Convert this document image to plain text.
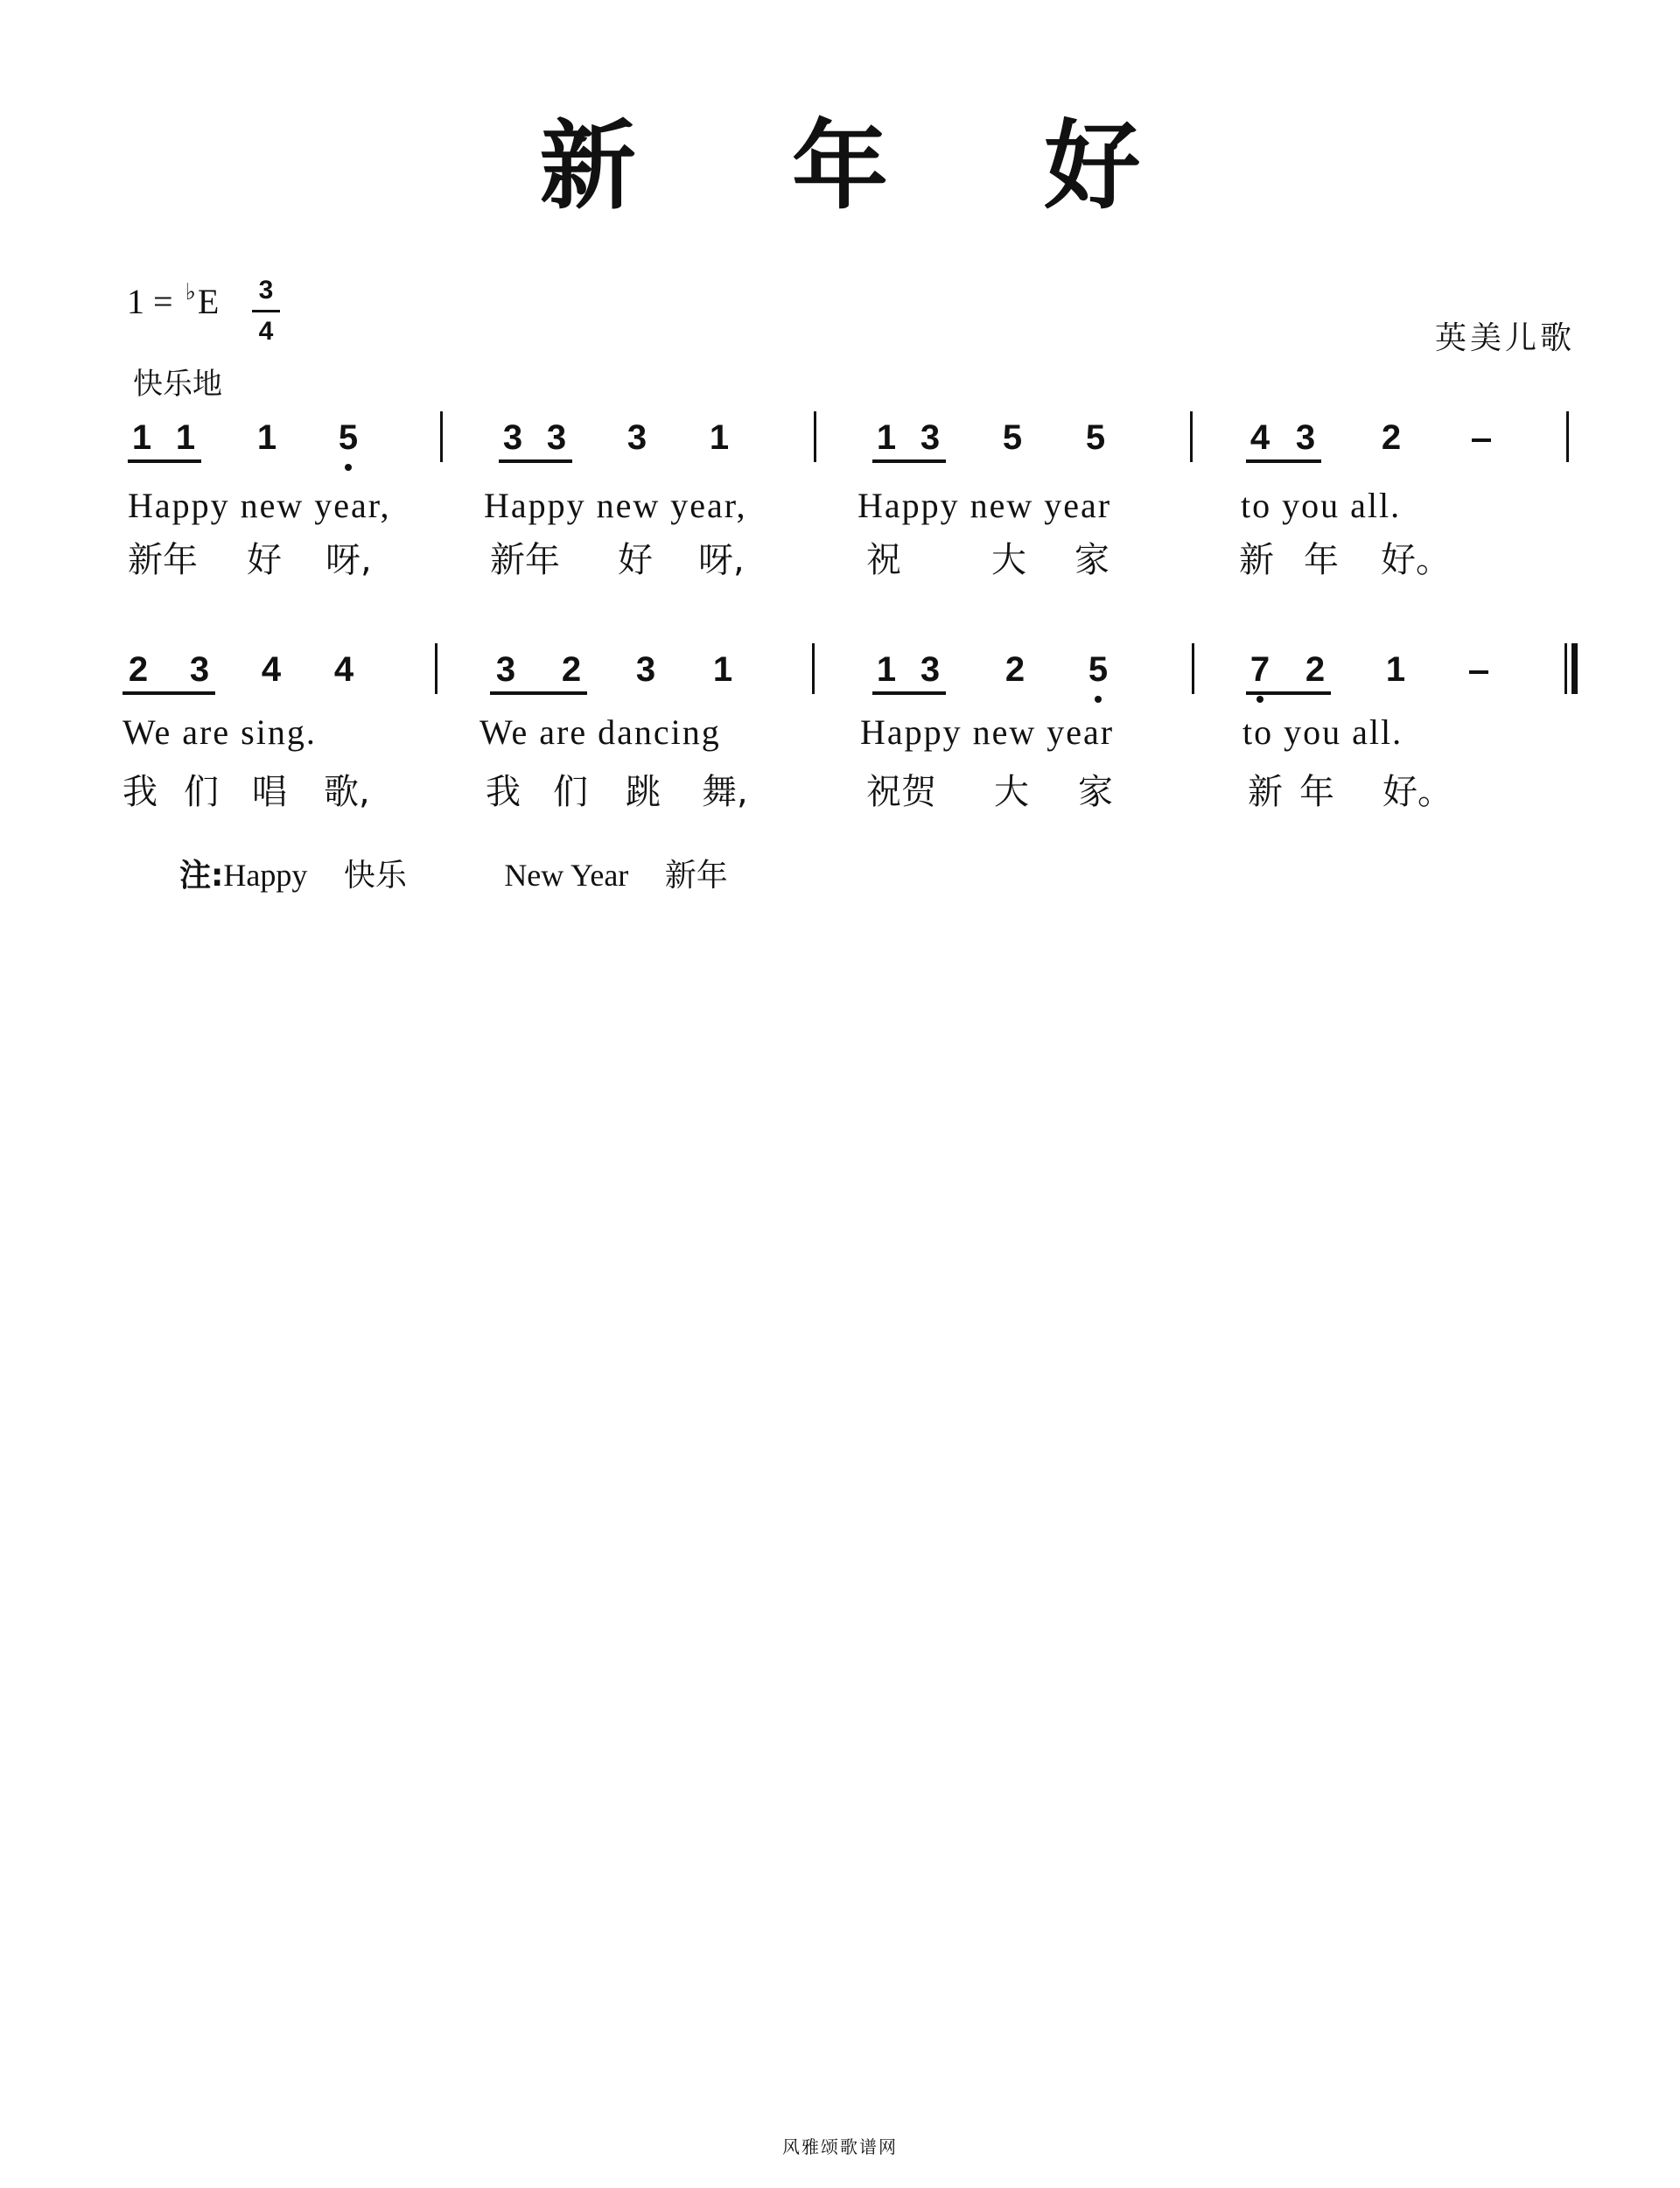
新 年 好
1 = ♭E	3
4
快乐地
英美儿歌
1 1 1 5	3 3 3 1	1 3 5 5	4 3 2
Happy new year,	Happy new year,	Happy new year	to you all.
新年 好 呀,	新年 好 呀,	祝	大 家	新 年 好。
2 3 4 4	3 2 3 1	1 3 2 5	7 2 1
We are sing.	We are dancing	Happy new year	to you all.
我 们 唱 歌,	我 们 跳 舞,	祝贺 大 家	新 年 好。
注:Happy 快乐	New Year 新年
风雅颂歌谱网
